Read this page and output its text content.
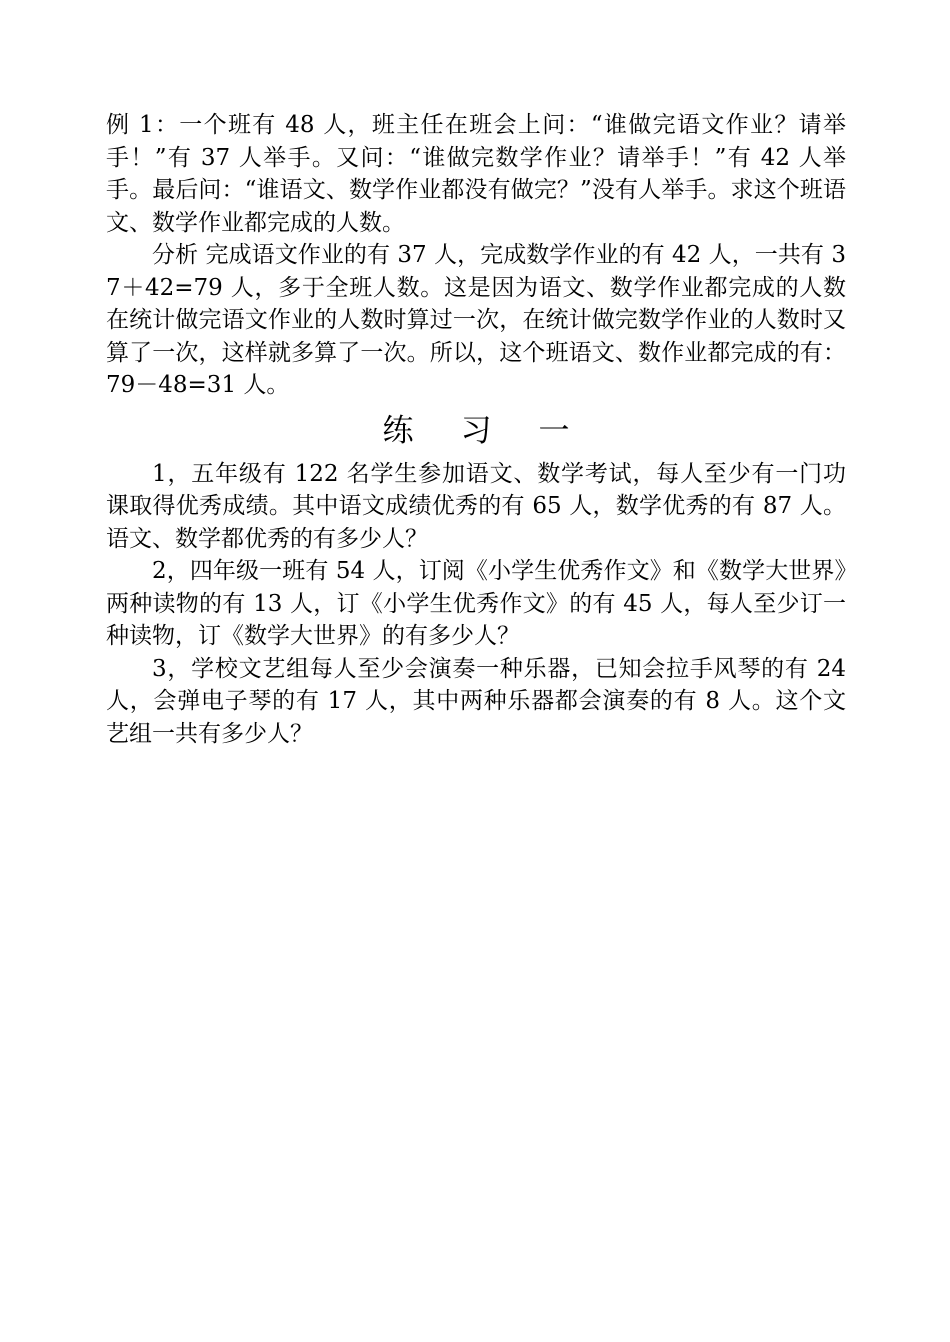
例 1：一个班有 48 人，班主任在班会上问：“谁做完语文作业？请举手！”有 37 人举手。又问：“谁做完数学作业？请举手！”有 42 人举手。最后问：“谁语文、数学作业都没有做完？”没有人举手。求这个班语文、数学作业都完成的人数。

分析 完成语文作业的有 37 人，完成数学作业的有 42 人，一共有 37＋42=79 人，多于全班人数。这是因为语文、数学作业都完成的人数在统计做完语文作业的人数时算过一次，在统计做完数学作业的人数时又算了一次，这样就多算了一次。所以，这个班语文、数作业都完成的有：79－48=31 人。

练 习 一

1，五年级有 122 名学生参加语文、数学考试，每人至少有一门功课取得优秀成绩。其中语文成绩优秀的有 65 人，数学优秀的有 87 人。语文、数学都优秀的有多少人？

2，四年级一班有 54 人，订阅《小学生优秀作文》和《数学大世界》两种读物的有 13 人，订《小学生优秀作文》的有 45 人，每人至少订一种读物，订《数学大世界》的有多少人？

3，学校文艺组每人至少会演奏一种乐器，已知会拉手风琴的有 24 人，会弹电子琴的有 17 人，其中两种乐器都会演奏的有 8 人。这个文艺组一共有多少人？
